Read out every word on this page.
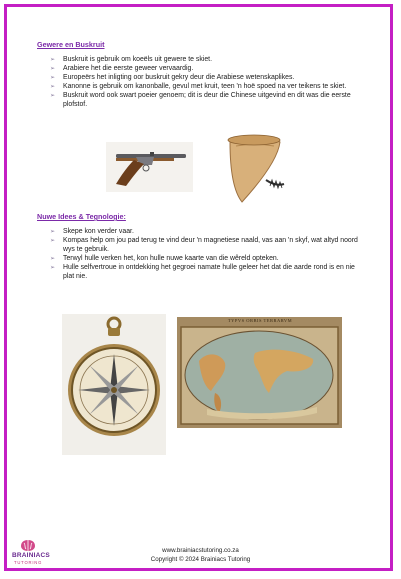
Gewere en Buskruit
➢ Buskruit is gebruik om koeëls uit gewere te skiet.
➢ Arabiere het die eerste geweer vervaardig.
➢ Europeërs het inligting oor buskruit gekry deur die Arabiese wetenskaplikes.
➢ Kanonne is gebruik om kanonballe, gevul met kruit, teen 'n hoë spoed na ver teikens te skiet.
➢ Buskruit word ook swart poeier genoem; dit is deur die Chinese uitgevind en dit was die eerste plofstof.
Nuwe Idees & Tegnologie:
➢ Skepe kon verder vaar.
➢ Kompas help om jou pad terug te vind deur 'n magnetiese naald, vas aan 'n skyf, wat altyd noord wys te gebruik.
➢ Terwyl hulle verken het, kon hulle nuwe kaarte van die wêreld opteken.
➢ Hulle selfvertroue in ontdekking het gegroei namate hulle geleer het dat die aarde rond is en nie plat nie.
TYPVS ORBIS TERRARVM
www.brainiacstutoring.co.za
Copyright © 2024 Brainiacs Tutoring
BRAINIACS
TUTORING
